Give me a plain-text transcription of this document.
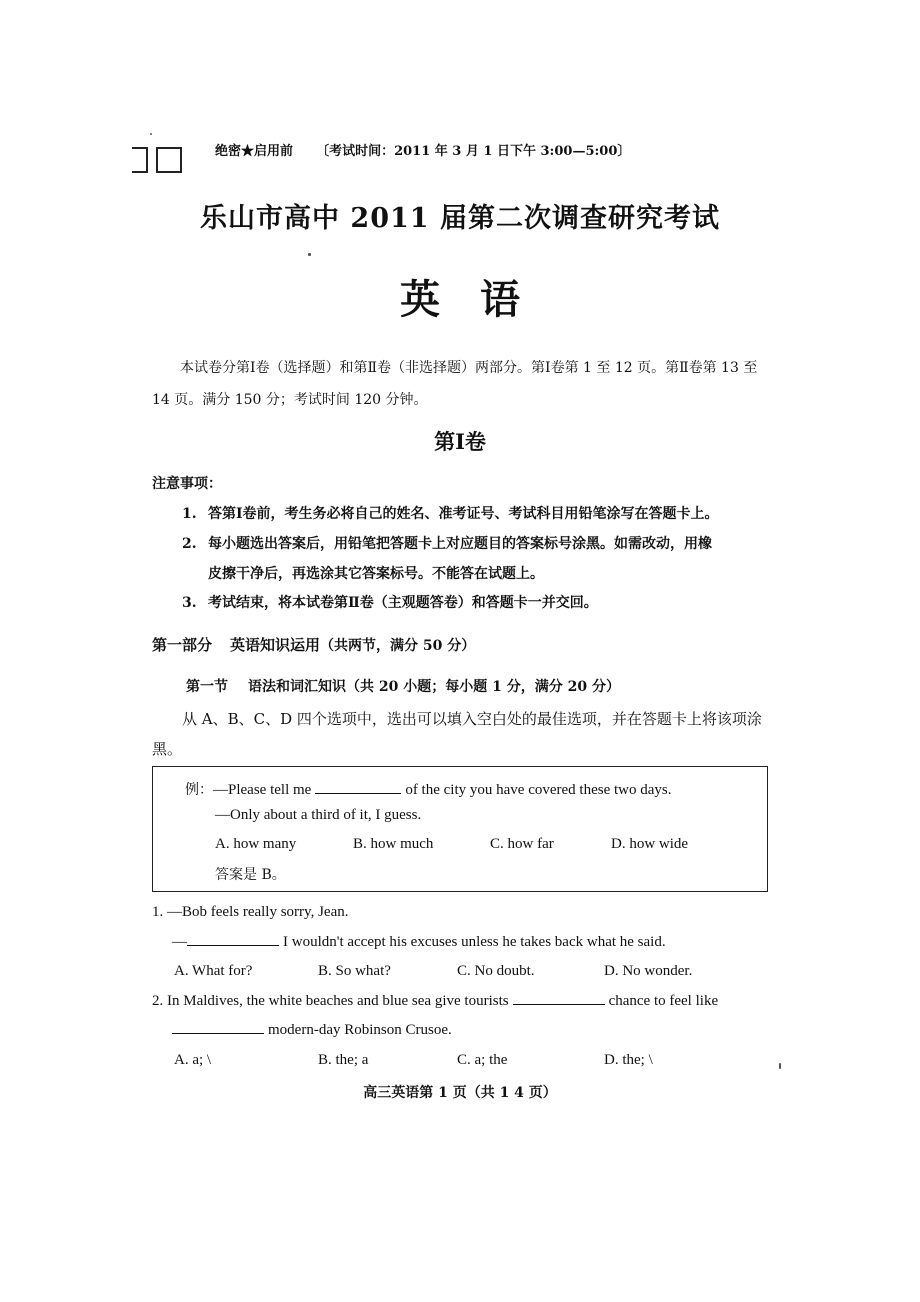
绝密★启用前 〔考试时间：2011 年 3 月 1 日下午 3:00—5:00〕
乐山市高中 2011 届第二次调查研究考试
英语
本试卷分第Ⅰ卷（选择题）和第Ⅱ卷（非选择题）两部分。第Ⅰ卷第 1 至 12 页。第Ⅱ卷第 13 至 14 页。满分 150 分；考试时间 120 分钟。
第Ⅰ卷
注意事项：
1. 答第Ⅰ卷前，考生务必将自己的姓名、准考证号、考试科目用铅笔涂写在答题卡上。
2. 每小题选出答案后，用铅笔把答题卡上对应题目的答案标号涂黑。如需改动，用橡
皮擦干净后，再选涂其它答案标号。不能答在试题上。
3. 考试结束，将本试卷第Ⅱ卷（主观题答卷）和答题卡一并交回。
第一部分 英语知识运用（共两节，满分 50 分）
第一节 语法和词汇知识（共 20 小题；每小题 1 分，满分 20 分）
从 A、B、C、D 四个选项中，选出可以填入空白处的最佳选项，并在答题卡上将该项涂黑。
例：—Please tell me	of the city you have covered these two days.
—Only about a third of it, I guess.
A. how many	B. how much	C. how far	D. how wide
答案是 B。
1. —Bob feels really sorry, Jean.
—	I wouldn't accept his excuses unless he takes back what he said.
A. What for?	B. So what?	C. No doubt.	D. No wonder.
2. In Maldives, the white beaches and blue sea give tourists	chance to feel like
modern-day Robinson Crusoe.
A. a; \	B. the; a	C. a; the	D. the; \
高三英语第 1 页（共 1 4 页）
